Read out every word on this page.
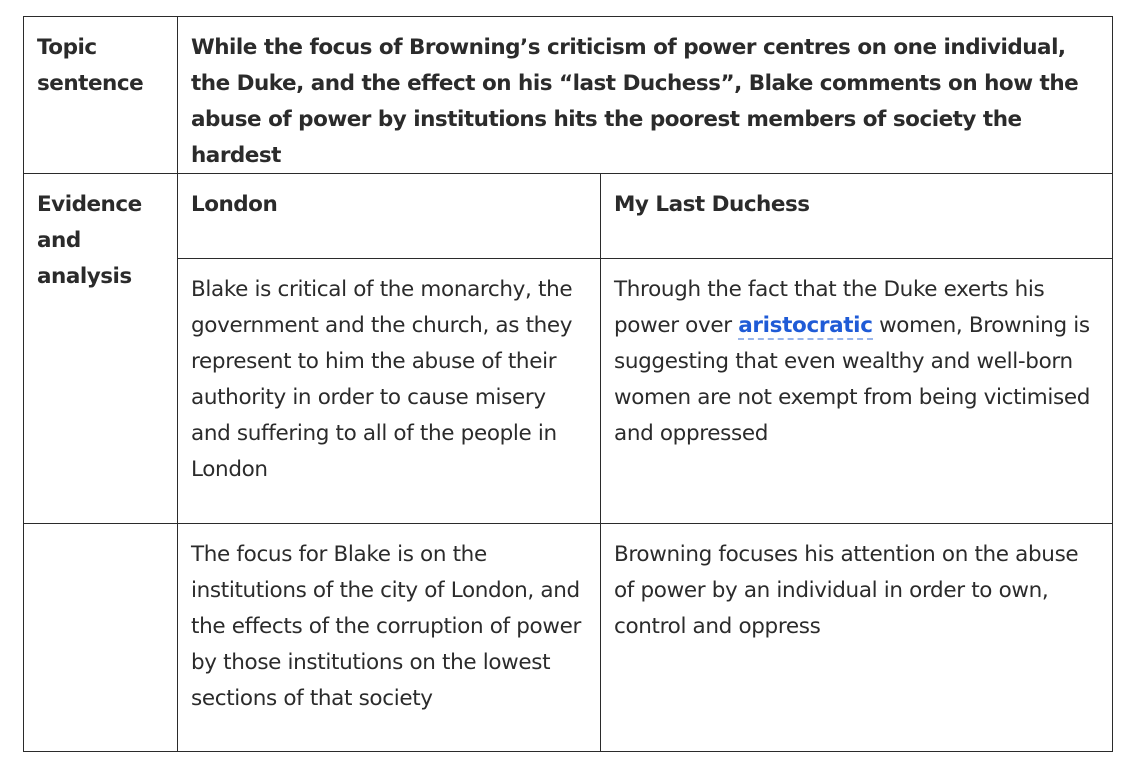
Topic sentence
While the focus of Browning’s criticism of power centres on one individual, the Duke, and the effect on his “last Duchess”, Blake comments on how the abuse of power by institutions hits the poorest members of society the hardest
Evidence and analysis
London	My Last Duchess
Blake is critical of the monarchy, the government and the church, as they represent to him the abuse of their authority in order to cause misery and suffering to all of the people in London
Through the fact that the Duke exerts his power over aristocratic women, Browning is suggesting that even wealthy and well-born women are not exempt from being victimised and oppressed
The focus for Blake is on the institutions of the city of London, and the effects of the corruption of power by those institutions on the lowest sections of that society
Browning focuses his attention on the abuse of power by an individual in order to own, control and oppress
